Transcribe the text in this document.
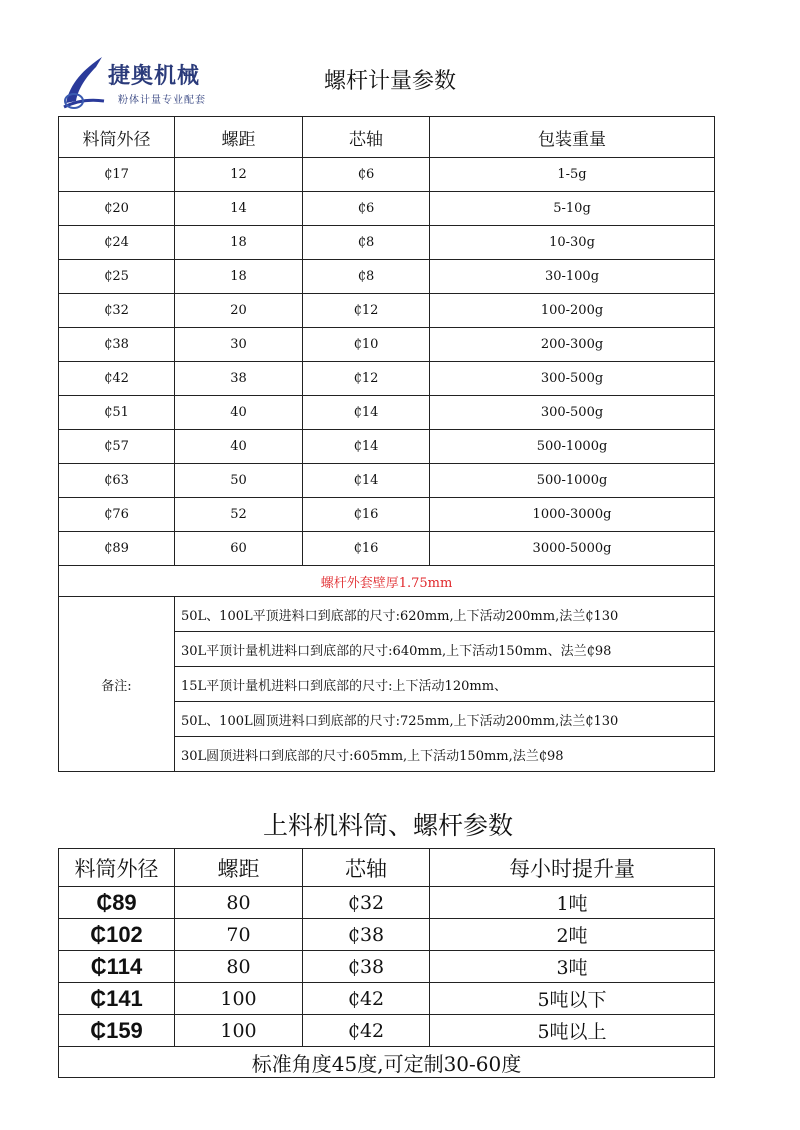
捷奥机械
粉体计量专业配套
螺杆计量参数
料筒外径	螺距	芯轴	包装重量
₵17	12	₵6	1-5g
₵20	14	₵6	5-10g
₵24	18	₵8	10-30g
₵25	18	₵8	30-100g
₵32	20	₵12	100-200g
₵38	30	₵10	200-300g
₵42	38	₵12	300-500g
₵51	40	₵14	300-500g
₵57	40	₵14	500-1000g
₵63	50	₵14	500-1000g
₵76	52	₵16	1000-3000g
₵89	60	₵16	3000-5000g
螺杆外套壁厚1.75mm			
备注:	50L、100L平顶进料口到底部的尺寸:620mm,上下活动200mm,法兰₵130		
	30L平顶计量机进料口到底部的尺寸:640mm,上下活动150mm、法兰₵98		
	15L平顶计量机进料口到底部的尺寸:上下活动120mm、		
	50L、100L圆顶进料口到底部的尺寸:725mm,上下活动200mm,法兰₵130		
	30L圆顶进料口到底部的尺寸:605mm,上下活动150mm,法兰₵98		
上料机料筒、螺杆参数
料筒外径	螺距	芯轴	每小时提升量
₵89	80	₵32	1吨
₵102	70	₵38	2吨
₵114	80	₵38	3吨
₵141	100	₵42	5吨以下
₵159	100	₵42	5吨以上
标准角度45度,可定制30-60度			
